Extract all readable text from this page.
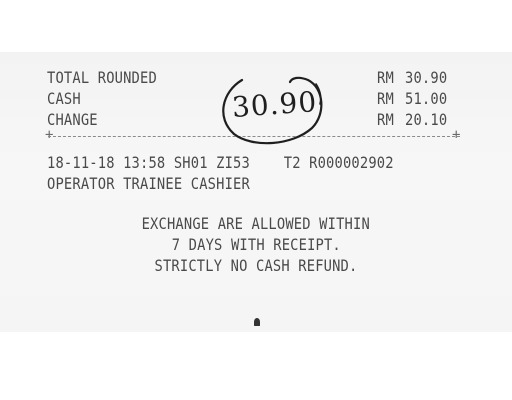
TOTAL ROUNDED	RM 30.90
CASH	RM 51.00
CHANGE	RM 20.10
+	+
18-11-18 13:58 SH01 ZI53    T2 R000002902
OPERATOR TRAINEE CASHIER
EXCHANGE ARE ALLOWED WITHIN
7 DAYS WITH RECEIPT.
STRICTLY NO CASH REFUND.
30.90
